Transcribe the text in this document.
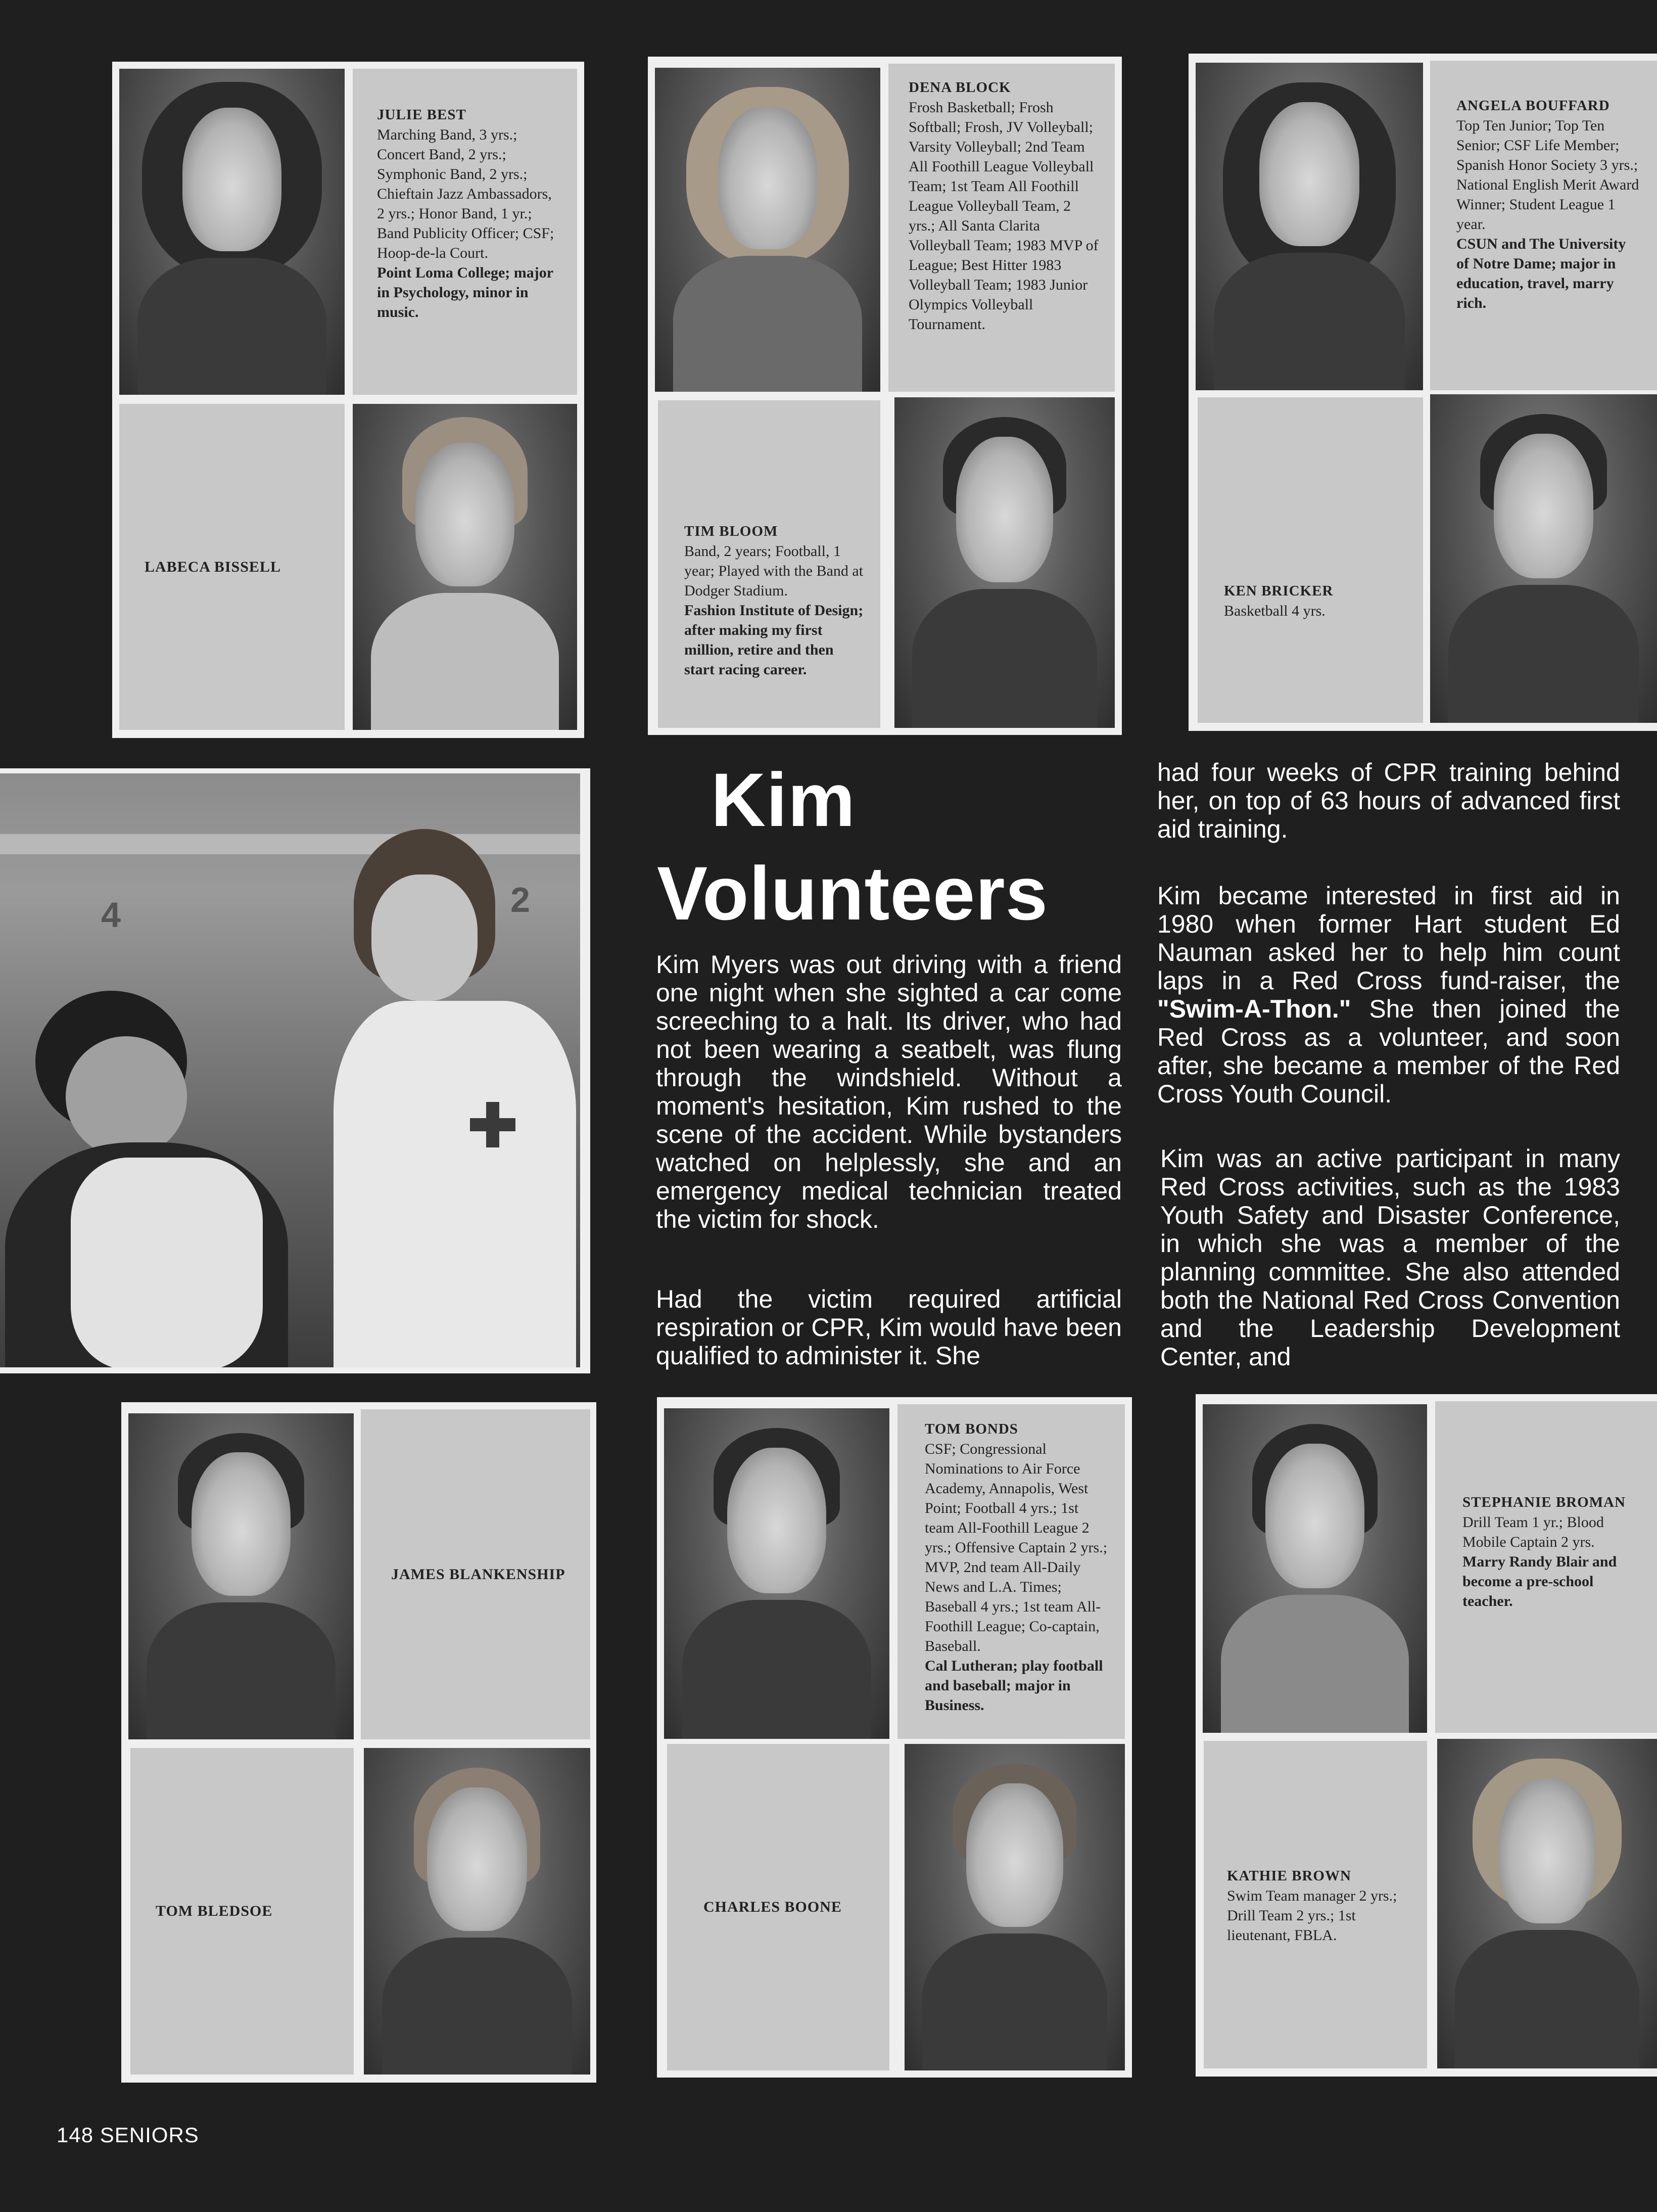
JULIE BEST
Marching Band, 3 yrs.; Concert Band, 2 yrs.; Symphonic Band, 2 yrs.; Chieftain Jazz Ambassadors, 2 yrs.; Honor Band, 1 yr.; Band Publicity Officer; CSF; Hoop-de-la Court.
Point Loma College; major in Psychology, minor in music.
LABECA BISSELL
DENA BLOCK
Frosh Basketball; Frosh Softball; Frosh, JV Volleyball; Varsity Volleyball; 2nd Team All Foothill League Volleyball Team; 1st Team All Foothill League Volleyball Team, 2 yrs.; All Santa Clarita Volleyball Team; 1983 MVP of League; Best Hitter 1983 Volleyball Team; 1983 Junior Olympics Volleyball Tournament.
TIM BLOOM
Band, 2 years; Football, 1 year; Played with the Band at Dodger Stadium.
Fashion Institute of Design; after making my first million, retire and then start racing career.
ANGELA BOUFFARD
Top Ten Junior; Top Ten Senior; CSF Life Member; Spanish Honor Society 3 yrs.; National English Merit Award Winner; Student League 1 year.
CSUN and The University of Notre Dame; major in education, travel, marry rich.
KEN BRICKER
Basketball 4 yrs.
4	2
Kim
Volunteers
Kim Myers was out driving with a friend one night when she sighted a car come screeching to a halt. Its driver, who had not been wearing a seatbelt, was flung through the windshield. Without a moment's hesitation, Kim rushed to the scene of the accident. While bystanders watched on helplessly, she and an emergency medical technician treated the victim for shock.
Had the victim required artificial respiration or CPR, Kim would have been qualified to administer it. She
had four weeks of CPR training behind her, on top of 63 hours of advanced first aid training.
Kim became interested in first aid in 1980 when former Hart student Ed Nauman asked her to help him count laps in a Red Cross fund-raiser, the "Swim-A-Thon." She then joined the Red Cross as a volunteer, and soon after, she became a member of the Red Cross Youth Council.
Kim was an active participant in many Red Cross activities, such as the 1983 Youth Safety and Disaster Conference, in which she was a member of the planning committee. She also attended both the National Red Cross Convention and the Leadership Development Center, and
JAMES BLANKENSHIP
TOM BLEDSOE
TOM BONDS
CSF; Congressional Nominations to Air Force Academy, Annapolis, West Point; Football 4 yrs.; 1st team All-Foothill League 2 yrs.; Offensive Captain 2 yrs.; MVP, 2nd team All-Daily News and L.A. Times; Baseball 4 yrs.; 1st team All-Foothill League; Co-captain, Baseball.
Cal Lutheran; play football and baseball; major in Business.
CHARLES BOONE
STEPHANIE BROMAN
Drill Team 1 yr.; Blood Mobile Captain 2 yrs.
Marry Randy Blair and become a pre-school teacher.
KATHIE BROWN
Swim Team manager 2 yrs.; Drill Team 2 yrs.; 1st lieutenant, FBLA.
148 SENIORS
